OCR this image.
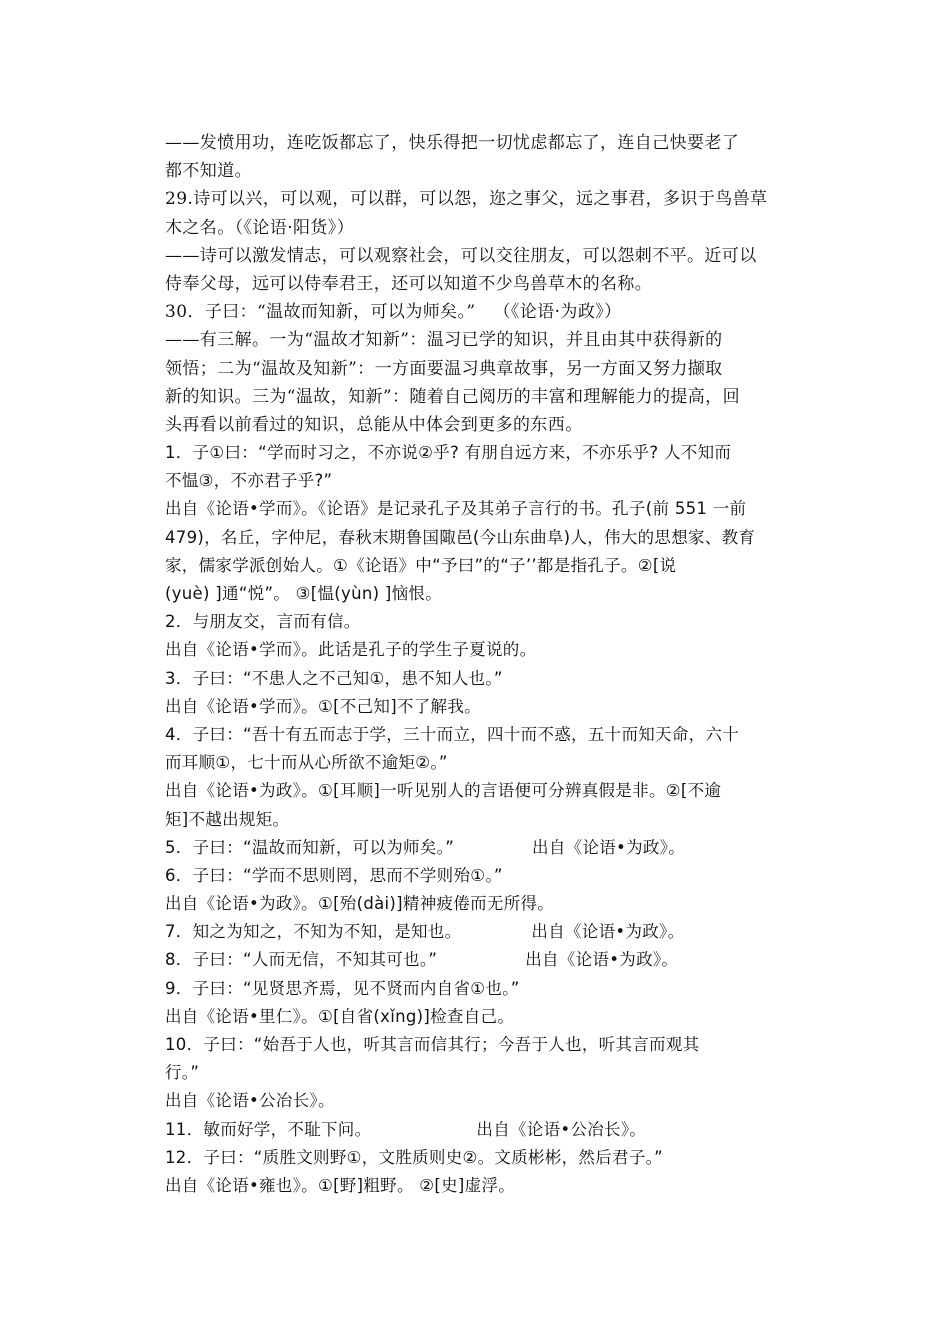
——发愤用功，连吃饭都忘了，快乐得把一切忧虑都忘了，连自己快要老了
都不知道。
29.诗可以兴，可以观，可以群，可以怨，迩之事父，远之事君，多识于鸟兽草
木之名。（《论语·阳货》）
——诗可以激发情志，可以观察社会，可以交往朋友，可以怨刺不平。近可以
侍奉父母，远可以侍奉君王，还可以知道不少鸟兽草木的名称。
30．子曰：“温故而知新，可以为师矣。” （《论语·为政》）
——有三解。一为“温故才知新”：温习已学的知识，并且由其中获得新的
领悟；二为“温故及知新”：一方面要温习典章故事，另一方面又努力撷取
新的知识。三为“温故，知新”：随着自己阅历的丰富和理解能力的提高，回
头再看以前看过的知识，总能从中体会到更多的东西。
1．子①曰：“学而时习之，不亦说②乎? 有朋自远方来，不亦乐乎? 人不知而
不愠③，不亦君子乎?”
出自《论语•学而》。《论语》是记录孔子及其弟子言行的书。孔子(前 551 一前
479)，名丘，字仲尼，春秋末期鲁国陬邑(今山东曲阜)人，伟大的思想家、教育
家，儒家学派创始人。①《论语》中“予曰”的“子’’都是指孔子。②[说
(yuè) ]通“悦”。 ③[愠(yùn) ]恼恨。
2．与朋友交，言而有信。
出自《论语•学而》。此话是孔子的学生子夏说的。
3．子曰：“不患人之不己知①，患不知人也。”
出自《论语•学而》。①[不己知]不了解我。
4．子曰：“吾十有五而志于学，三十而立，四十而不惑，五十而知天命，六十
而耳顺①，七十而从心所欲不逾矩②。”
出自《论语•为政》。①[耳顺]一听见别人的言语便可分辨真假是非。②[不逾
矩]不越出规矩。
5．子曰：“温故而知新，可以为师矣。”	出自《论语•为政》。
6．子曰：“学而不思则罔，思而不学则殆①。”
出自《论语•为政》。①[殆(dài)]精神疲倦而无所得。
7．知之为知之，不知为不知，是知也。	出自《论语•为政》。
8．子曰：“人而无信，不知其可也。”	出自《论语•为政》。
9．子曰：“见贤思齐焉，见不贤而内自省①也。”
出自《论语•里仁》。①[自省(xǐng)]检查自己。
10．子曰：“始吾于人也，听其言而信其行；今吾于人也，听其言而观其
行。”
出自《论语•公冶长》。
11．敏而好学，不耻下问。	出自《论语•公冶长》。
12．子曰：“质胜文则野①，文胜质则史②。文质彬彬，然后君子。”
出自《论语•雍也》。①[野]粗野。 ②[史]虚浮。
